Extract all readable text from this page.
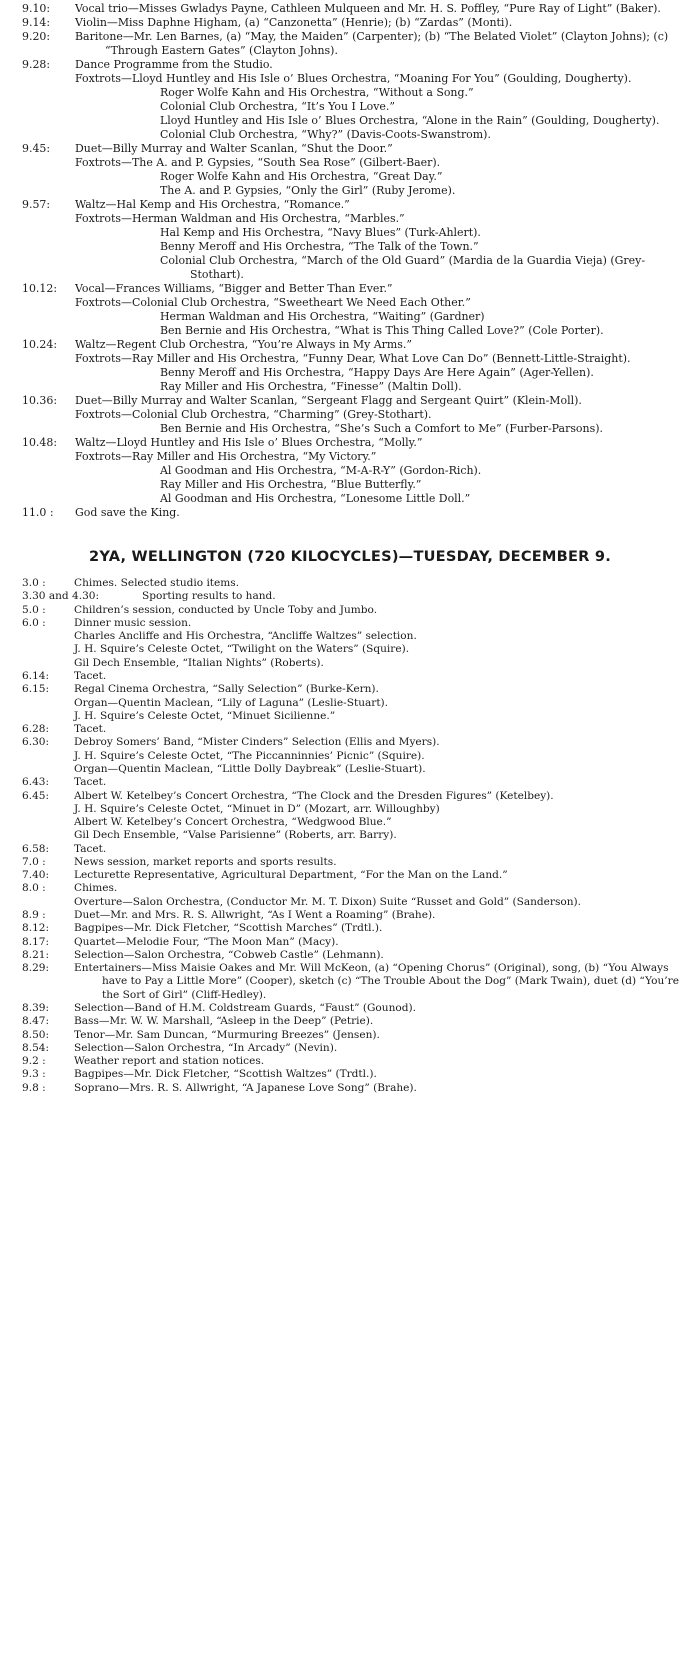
9.10: Vocal trio—Misses Gwladys Payne, Cathleen Mulqueen and Mr. H. S. Poffley, “Pure Ray of Light” (Baker).
9.14: Violin—Miss Daphne Higham, (a) “Canzonetta” (Henrie); (b) “Zardas” (Monti).
9.20: Baritone—Mr. Len Barnes, (a) “May, the Maiden” (Carpenter); (b) “The Belated Violet” (Clayton Johns); (c) “Through Eastern Gates” (Clayton Johns).
9.28: Dance Programme from the Studio.
Foxtrots—Lloyd Huntley and His Isle o’ Blues Orchestra, “Moaning For You” (Goulding, Dougherty).
Roger Wolfe Kahn and His Orchestra, “Without a Song.”
Colonial Club Orchestra, “It’s You I Love.”
Lloyd Huntley and His Isle o’ Blues Orchestra, “Alone in the Rain” (Goulding, Dougherty).
Colonial Club Orchestra, “Why?” (Davis-Coots-Swanstrom).
9.45: Duet—Billy Murray and Walter Scanlan, “Shut the Door.”
Foxtrots—The A. and P. Gypsies, “South Sea Rose” (Gilbert-Baer).
Roger Wolfe Kahn and His Orchestra, “Great Day.”
The A. and P. Gypsies, “Only the Girl” (Ruby Jerome).
9.57: Waltz—Hal Kemp and His Orchestra, “Romance.”
Foxtrots—Herman Waldman and His Orchestra, “Marbles.”
Hal Kemp and His Orchestra, “Navy Blues” (Turk-Ahlert).
Benny Meroff and His Orchestra, “The Talk of the Town.”
Colonial Club Orchestra, “March of the Old Guard” (Mardia de la Guardia Vieja) (Grey-Stothart).
10.12: Vocal—Frances Williams, “Bigger and Better Than Ever.”
Foxtrots—Colonial Club Orchestra, “Sweetheart We Need Each Other.”
Herman Waldman and His Orchestra, “Waiting” (Gardner)
Ben Bernie and His Orchestra, “What is This Thing Called Love?” (Cole Porter).
10.24: Waltz—Regent Club Orchestra, “You’re Always in My Arms.”
Foxtrots—Ray Miller and His Orchestra, “Funny Dear, What Love Can Do” (Bennett-Little-Straight).
Benny Meroff and His Orchestra, “Happy Days Are Here Again” (Ager-Yellen).
Ray Miller and His Orchestra, “Finesse” (Maltin Doll).
10.36: Duet—Billy Murray and Walter Scanlan, “Sergeant Flagg and Sergeant Quirt” (Klein-Moll).
Foxtrots—Colonial Club Orchestra, “Charming” (Grey-Stothart).
Ben Bernie and His Orchestra, “She’s Such a Comfort to Me” (Furber-Parsons).
10.48: Waltz—Lloyd Huntley and His Isle o’ Blues Orchestra, “Molly.”
Foxtrots—Ray Miller and His Orchestra, “My Victory.”
Al Goodman and His Orchestra, “M-A-R-Y” (Gordon-Rich).
Ray Miller and His Orchestra, “Blue Butterfly.”
Al Goodman and His Orchestra, “Lonesome Little Doll.”
11.0 : God save the King.
2YA, WELLINGTON (720 KILOCYCLES)—TUESDAY, DECEMBER 9.
3.0 :	Chimes. Selected studio items.
3.30 and 4.30:	Sporting results to hand.
5.0 :	Children’s session, conducted by Uncle Toby and Jumbo.
6.0 :	Dinner music session.
Charles Ancliffe and His Orchestra, “Ancliffe Waltzes” selection.
J. H. Squire’s Celeste Octet, “Twilight on the Waters” (Squire).
Gil Dech Ensemble, “Italian Nights” (Roberts).
6.14: Tacet.
6.15: Regal Cinema Orchestra, “Sally Selection” (Burke-Kern).
Organ—Quentin Maclean, “Lily of Laguna” (Leslie-Stuart).
J. H. Squire’s Celeste Octet, “Minuet Sicilienne.”
6.28: Tacet.
6.30: Debroy Somers’ Band, “Mister Cinders” Selection (Ellis and Myers).
J. H. Squire’s Celeste Octet, “The Piccanninnies’ Picnic” (Squire).
Organ—Quentin Maclean, “Little Dolly Daybreak” (Leslie-Stuart).
6.43: Tacet.
6.45: Albert W. Ketelbey’s Concert Orchestra, “The Clock and the Dresden Figures” (Ketelbey).
J. H. Squire’s Celeste Octet, “Minuet in D” (Mozart, arr. Willoughby)
Albert W. Ketelbey’s Concert Orchestra, “Wedgwood Blue.”
Gil Dech Ensemble, “Valse Parisienne” (Roberts, arr. Barry).
6.58: Tacet.
7.0 :	News session, market reports and sports results.
7.40: Lecturette Representative, Agricultural Department, “For the Man on the Land.”
8.0 :	Chimes.
Overture—Salon Orchestra, (Conductor Mr. M. T. Dixon) Suite “Russet and Gold” (Sanderson).
8.9 :	Duet—Mr. and Mrs. R. S. Allwright, “As I Went a Roaming” (Brahe).
8.12: Bagpipes—Mr. Dick Fletcher, “Scottish Marches” (Trdtl.).
8.17: Quartet—Melodie Four, “The Moon Man” (Macy).
8.21: Selection—Salon Orchestra, “Cobweb Castle” (Lehmann).
8.29: Entertainers—Miss Maisie Oakes and Mr. Will McKeon, (a) “Opening Chorus” (Original), song, (b) “You Always have to Pay a Little More” (Cooper), sketch (c) “The Trouble About the Dog” (Mark Twain), duet (d) “You’re the Sort of Girl” (Cliff-Hedley).
8.39: Selection—Band of H.M. Coldstream Guards, “Faust” (Gounod).
8.47: Bass—Mr. W. W. Marshall, “Asleep in the Deep” (Petrie).
8.50: Tenor—Mr. Sam Duncan, “Murmuring Breezes” (Jensen).
8.54: Selection—Salon Orchestra, “In Arcady” (Nevin).
9.2 :	Weather report and station notices.
9.3 :	Bagpipes—Mr. Dick Fletcher, “Scottish Waltzes” (Trdtl.).
9.8 :	Soprano—Mrs. R. S. Allwright, “A Japanese Love Song” (Brahe).
